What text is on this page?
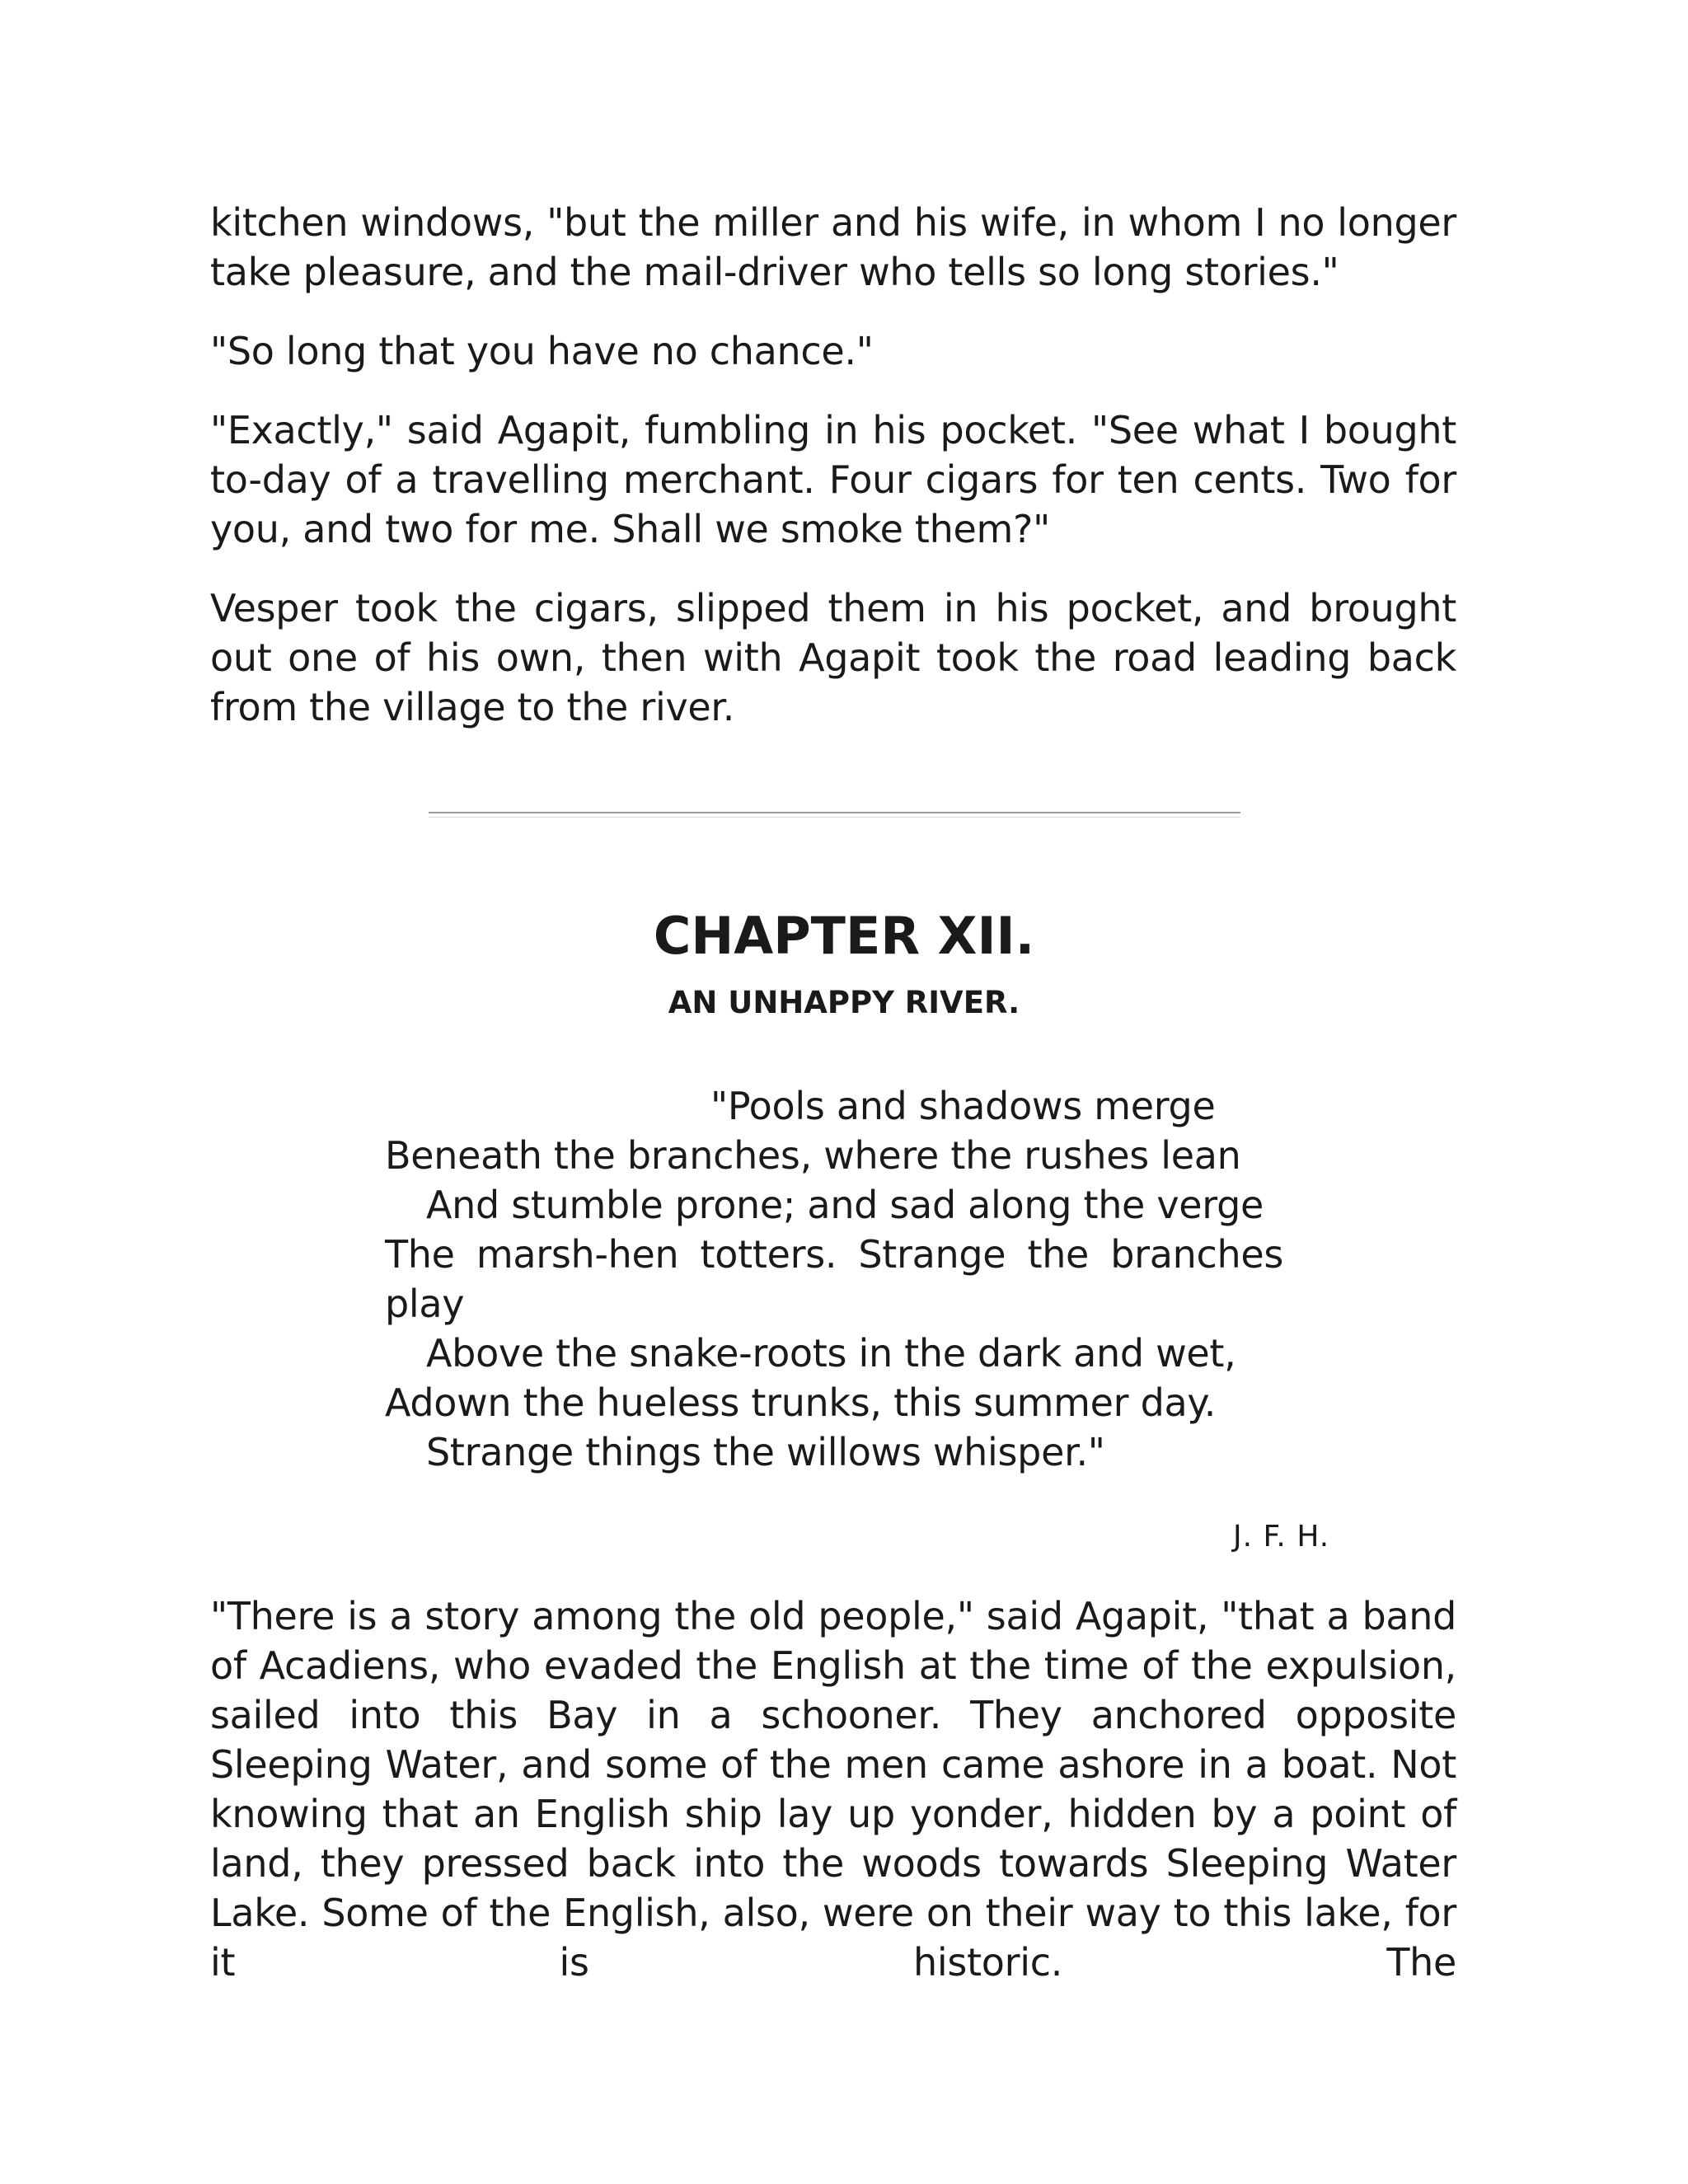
kitchen windows, "but the miller and his wife, in whom I no longer take pleasure, and the mail-driver who tells so long stories."

"So long that you have no chance."

"Exactly," said Agapit, fumbling in his pocket. "See what I bought to-day of a travelling merchant. Four cigars for ten cents. Two for you, and two for me. Shall we smoke them?"

Vesper took the cigars, slipped them in his pocket, and brought out one of his own, then with Agapit took the road leading back from the village to the river.

CHAPTER XII.
AN UNHAPPY RIVER.
"Pools and shadows merge
Beneath the branches, where the rushes lean
And stumble prone; and sad along the verge
The marsh-hen totters. Strange the branches play
Above the snake-roots in the dark and wet,
Adown the hueless trunks, this summer day.
Strange things the willows whisper."
J. F. H.

"There is a story among the old people," said Agapit, "that a band of Acadiens, who evaded the English at the time of the expulsion, sailed into this Bay in a schooner. They anchored opposite Sleeping Water, and some of the men came ashore in a boat. Not knowing that an English ship lay up yonder, hidden by a point of land, they pressed back into the woods towards Sleeping Water Lake. Some of the English, also, were on their way to this lake, for it is historic. The
